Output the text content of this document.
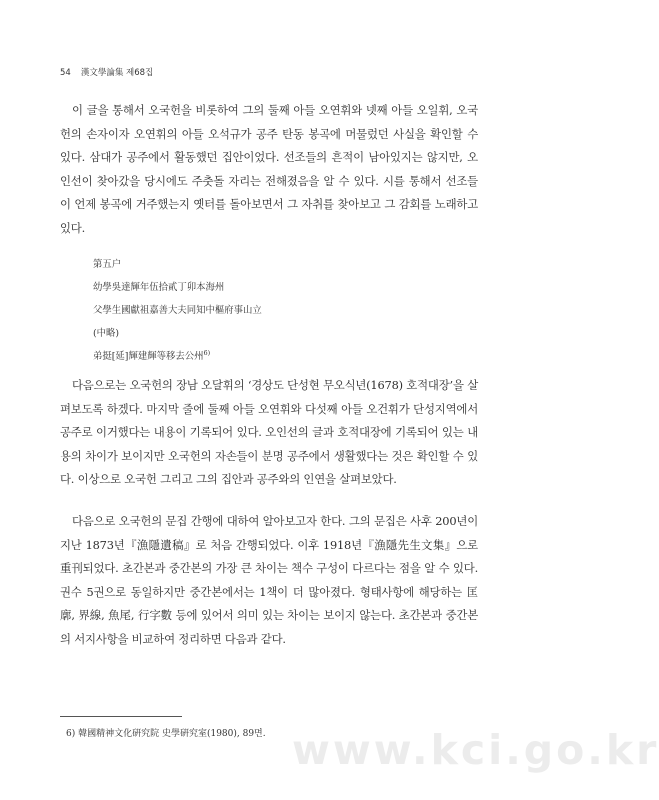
54 漢文學論集 제68집

이 글을 통해서 오국헌을 비롯하여 그의 둘째 아들 오연휘와 넷째 아들 오일휘, 오국헌의 손자이자 오연휘의 아들 오석규가 공주 탄동 봉곡에 머물렀던 사실을 확인할 수 있다. 삼대가 공주에서 활동했던 집안이었다. 선조들의 흔적이 남아있지는 않지만, 오인선이 찾아갔을 당시에도 주춧돌 자리는 전해졌음을 알 수 있다. 시를 통해서 선조들이 언제 봉곡에 거주했는지 옛터를 돌아보면서 그 자취를 찾아보고 그 감회를 노래하고 있다.

第五户
幼學吳達輝年伍拾貳丁卯本海州
父學生國獻祖嘉善大夫同知中樞府事山立
(中略)
弟挺[延]輝建輝等移去公州$^{6)}$

다음으로는 오국헌의 장남 오달휘의 ‘경상도 단성현 무오식년(1678) 호적대장’을 살펴보도록 하겠다. 마지막 줄에 둘째 아들 오연휘와 다섯째 아들 오건휘가 단성지역에서 공주로 이거했다는 내용이 기록되어 있다. 오인선의 글과 호적대장에 기록되어 있는 내용의 차이가 보이지만 오국헌의 자손들이 분명 공주에서 생활했다는 것은 확인할 수 있다. 이상으로 오국헌 그리고 그의 집안과 공주와의 인연을 살펴보았다.

다음으로 오국헌의 문집 간행에 대하여 알아보고자 한다. 그의 문집은 사후 200년이 지난 1873년『漁隱遺稿』로 처음 간행되었다. 이후 1918년『漁隱先生文集』으로 重刊되었다. 초간본과 중간본의 가장 큰 차이는 책수 구성이 다르다는 점을 알 수 있다. 권수 5권으로 동일하지만 중간본에서는 1책이 더 많아졌다. 형태사항에 해당하는 匡廓, 界線, 魚尾, 行字數 등에 있어서 의미 있는 차이는 보이지 않는다. 초간본과 중간본의 서지사항을 비교하여 정리하면 다음과 같다.

6) 韓國精神文化硏究院 史學硏究室(1980), 89면. www.kci.go.kr
